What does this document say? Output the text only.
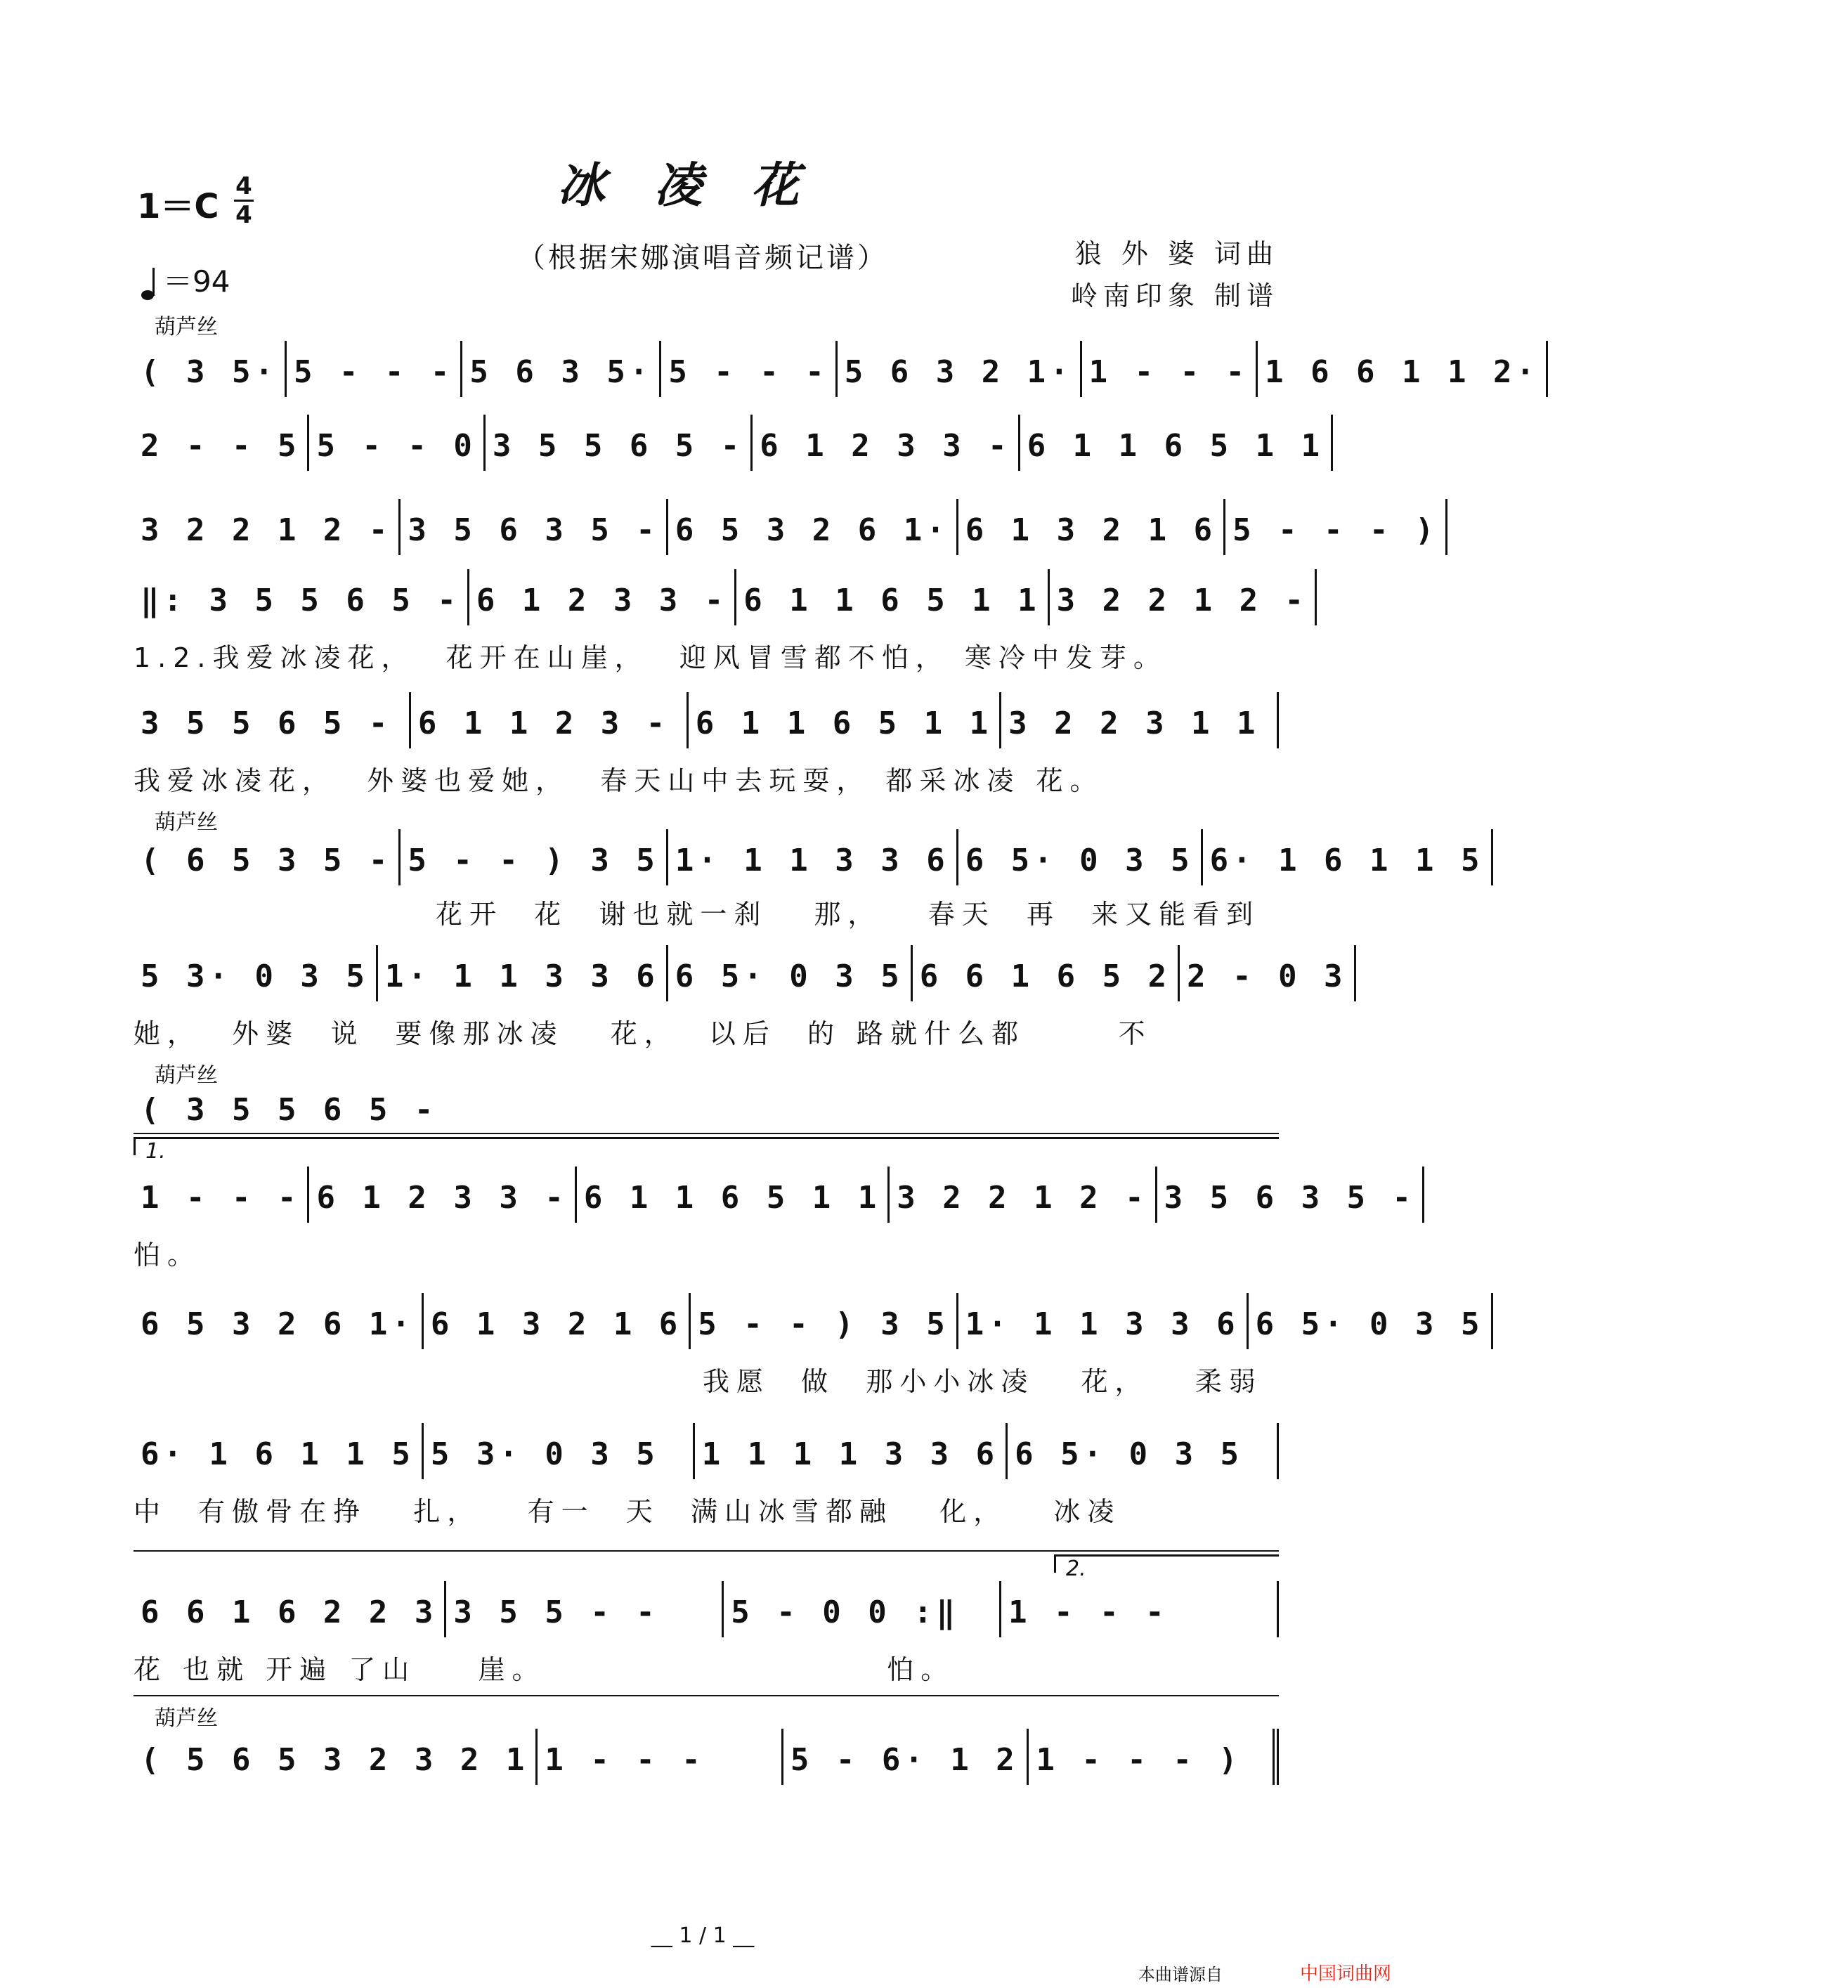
冰凌花
（根据宋娜演唱音频记谱）
1＝C
4
4
＝94
狼 外 婆 词曲
岭南印象 制谱
葫芦丝
( 3 5· 5 - - - 5 6 3 5· 5 - - - 5 6 3 2 1· 1 - - - 1 6 6 1 1 2·
2 - - 5 5 - - 0 3 5 5 6 5 - 6 1 2 3 3 - 6 1 1 6 5 1 1
3 2 2 1 2 - 3 5 6 3 5 - 6 5 3 2 6 1· 6 1 3 2 1 6 5 - - - )
‖: 3 5 5 6 5 - 6 1 2 3 3 - 6 1 1 6 5 1 1 3 2 2 1 2 -
1.2.我爱冰凌花，  花开在山崖，  迎风冒雪都不怕， 寒冷中发芽。
3 5 5 6 5 - 6 1 1 2 3 - 6 1 1 6 5 1 1 3 2 2 3 1 1
我爱冰凌花，  外婆也爱她，  春天山中去玩耍， 都采冰凌 花。
葫芦丝
( 6 5 3 5 - 5 - - ) 3 5 1· 1 1 3 3 6 6 5· 0 3 5 6· 1 6 1 1 5
花开  花  谢也就一刹   那，   春天  再  来又能看到
5 3· 0 3 5 1· 1 1 3 3 6 6 5· 0 3 5 6 6 1 6 5 2 2 - 0 3
她，  外婆  说  要像那冰凌   花，  以后  的 路就什么都      不
葫芦丝
( 3 5 5 6 5 -
1.
1 - - - 6 1 2 3 3 - 6 1 1 6 5 1 1 3 2 2 1 2 - 3 5 6 3 5 -
怕。
6 5 3 2 6 1· 6 1 3 2 1 6 5 - - ) 3 5 1· 1 1 3 3 6 6 5· 0 3 5
我愿  做  那小小冰凌   花，   柔弱
6· 1 6 1 1 5 5 3· 0 3 5	1 1 1 1 3 3 6 6 5· 0 3 5
中  有傲骨在挣   扎，   有一  天  满山冰雪都融   化，   冰凌
2.
6 6 1 6 2 2 3 3 5 5 - -	5 - 0 0 :‖	1 - - -
花 也就 开遍 了山    崖。                      怕。
葫芦丝
( 5 6 5 3 2 3 2 1 1 - - -	5 - 6· 1 2 1 - - - )
__ 1 / 1 __
本曲谱源自	中国词曲网
